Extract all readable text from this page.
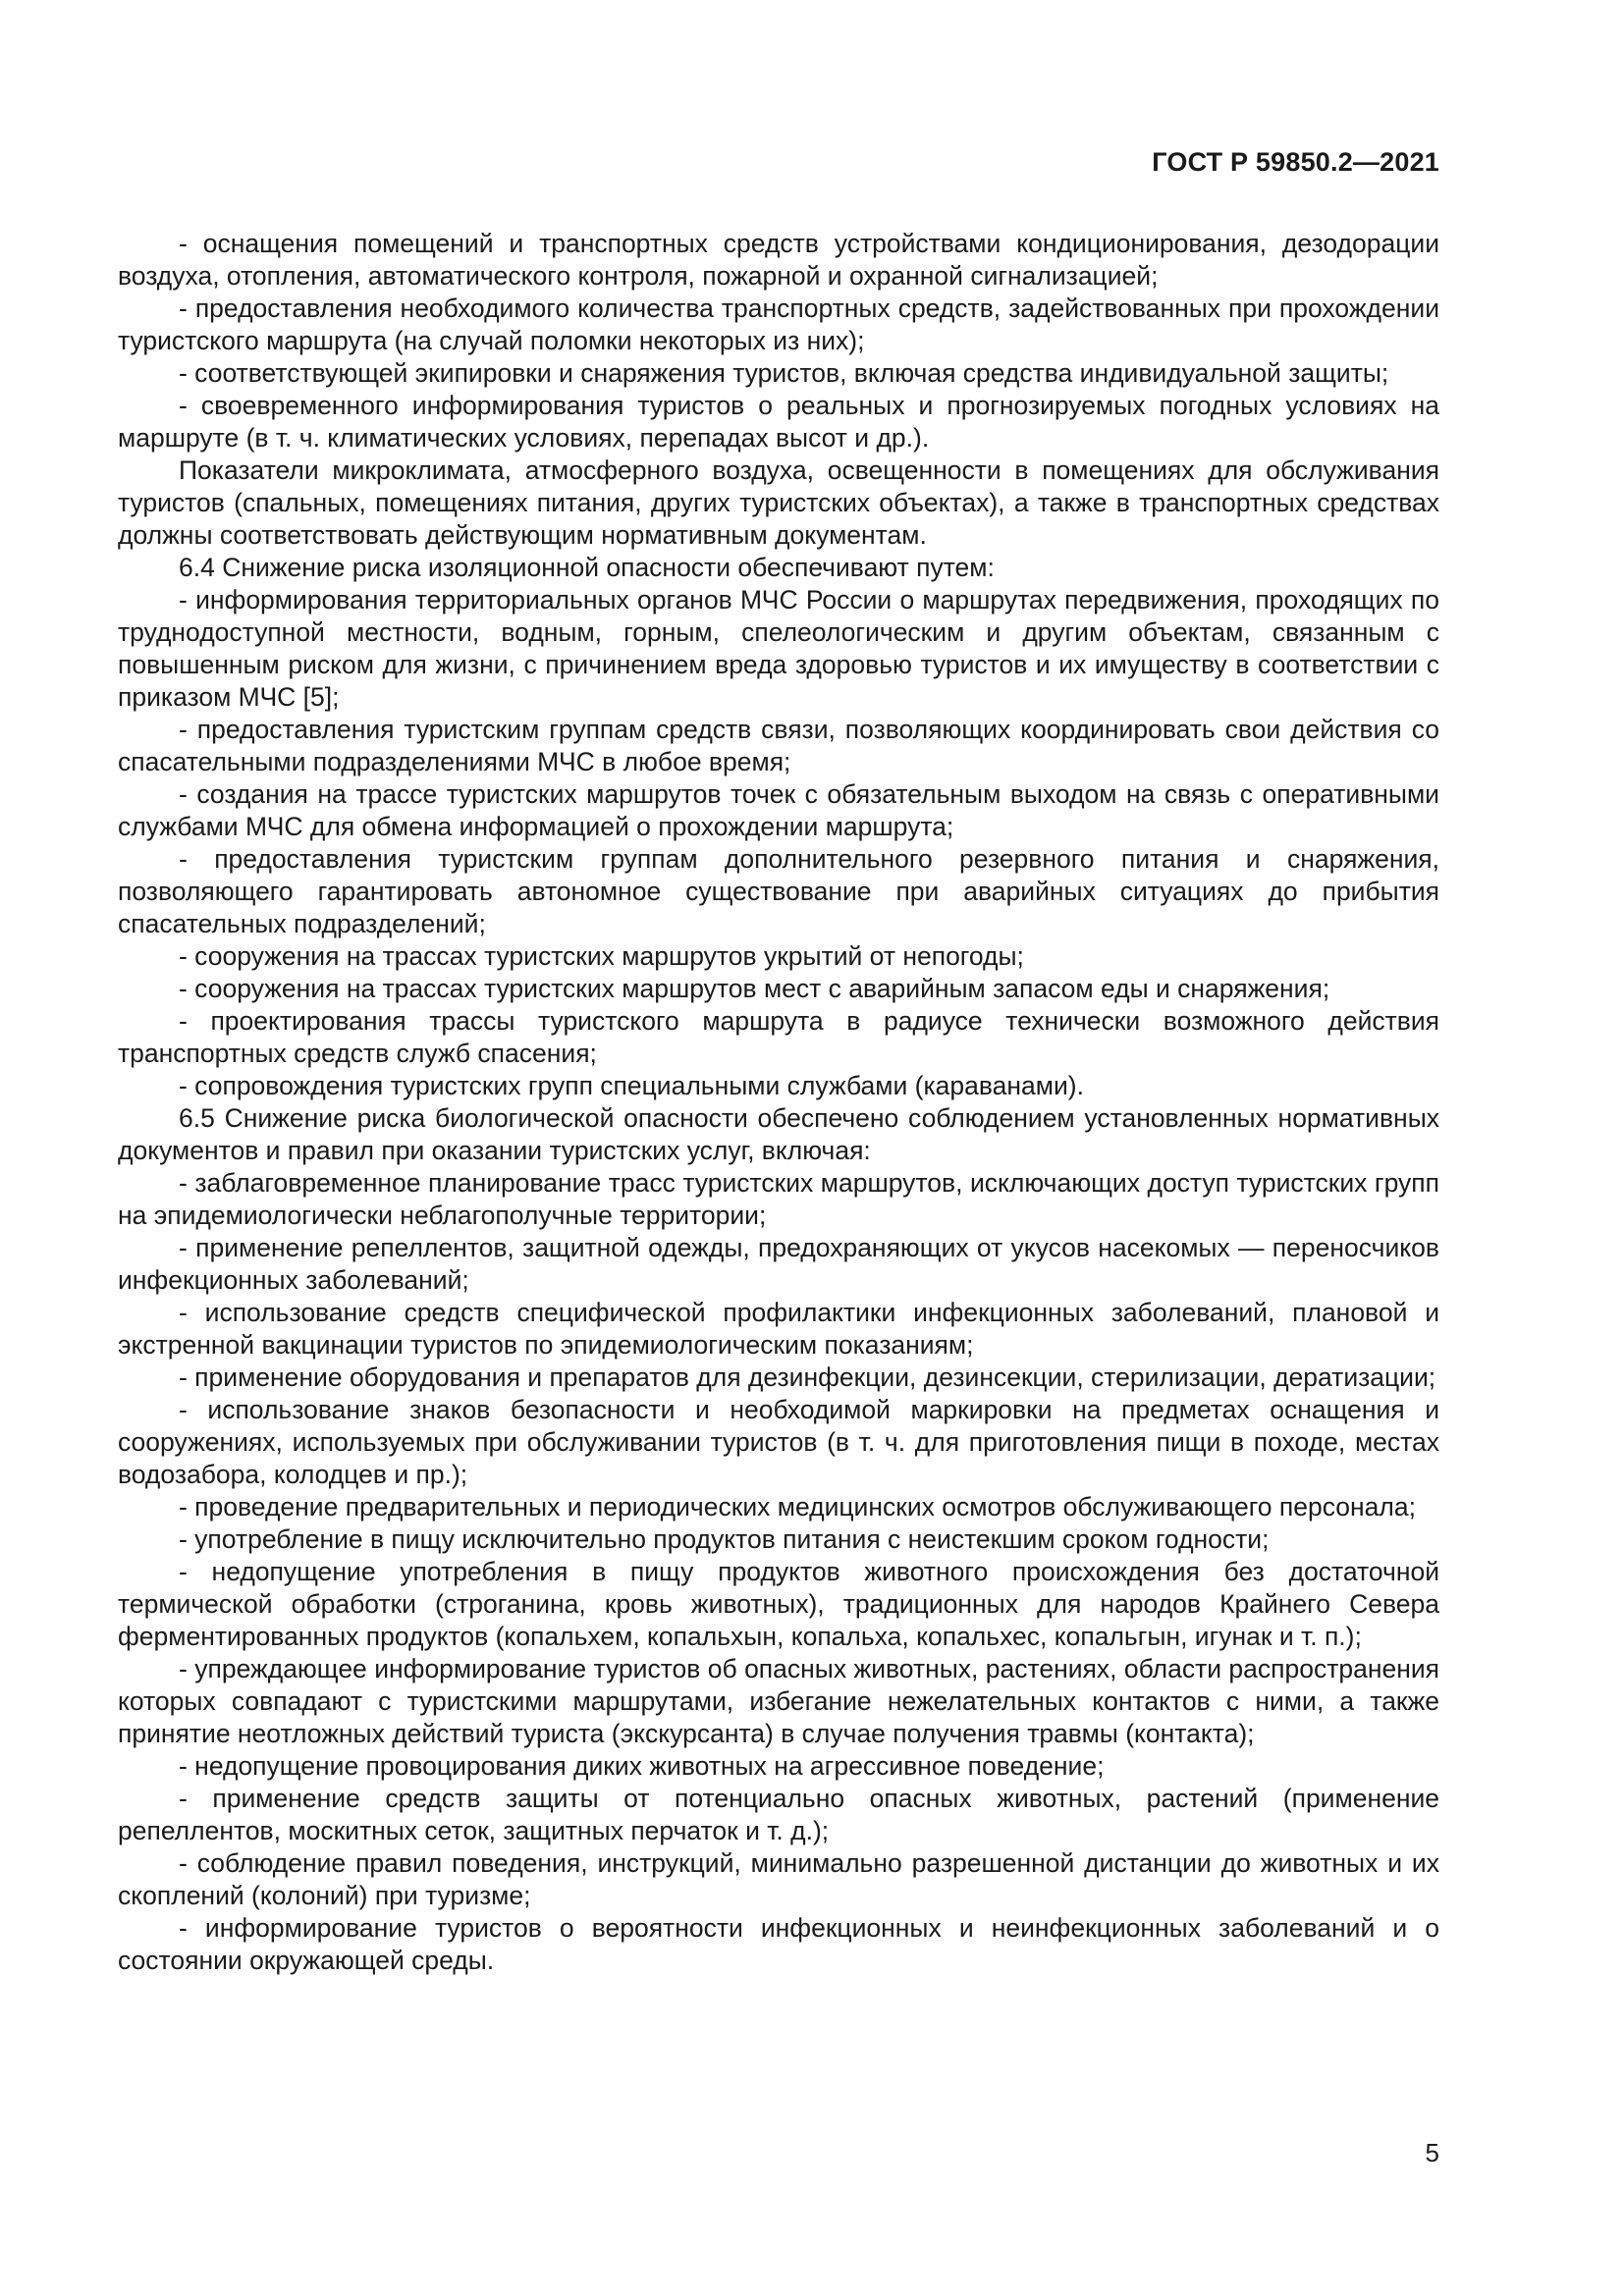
ГОСТ Р 59850.2—2021

- оснащения помещений и транспортных средств устройствами кондиционирования, дезодорации воздуха, отопления, автоматического контроля, пожарной и охранной сигнализацией;

- предоставления необходимого количества транспортных средств, задействованных при прохождении туристского маршрута (на случай поломки некоторых из них);

- соответствующей экипировки и снаряжения туристов, включая средства индивидуальной защиты;

- своевременного информирования туристов о реальных и прогнозируемых погодных условиях на маршруте (в т. ч. климатических условиях, перепадах высот и др.).

Показатели микроклимата, атмосферного воздуха, освещенности в помещениях для обслуживания туристов (спальных, помещениях питания, других туристских объектах), а также в транспортных средствах должны соответствовать действующим нормативным документам.

6.4 Снижение риска изоляционной опасности обеспечивают путем:

- информирования территориальных органов МЧС России о маршрутах передвижения, проходящих по труднодоступной местности, водным, горным, спелеологическим и другим объектам, связанным с повышенным риском для жизни, с причинением вреда здоровью туристов и их имуществу в соответствии с приказом МЧС [5];

- предоставления туристским группам средств связи, позволяющих координировать свои действия со спасательными подразделениями МЧС в любое время;

- создания на трассе туристских маршрутов точек с обязательным выходом на связь с оперативными службами МЧС для обмена информацией о прохождении маршрута;

- предоставления туристским группам дополнительного резервного питания и снаряжения, позволяющего гарантировать автономное существование при аварийных ситуациях до прибытия спасательных подразделений;

- сооружения на трассах туристских маршрутов укрытий от непогоды;

- сооружения на трассах туристских маршрутов мест с аварийным запасом еды и снаряжения;

- проектирования трассы туристского маршрута в радиусе технически возможного действия транспортных средств служб спасения;

- сопровождения туристских групп специальными службами (караванами).

6.5 Снижение риска биологической опасности обеспечено соблюдением установленных нормативных документов и правил при оказании туристских услуг, включая:

- заблаговременное планирование трасс туристских маршрутов, исключающих доступ туристских групп на эпидемиологически неблагополучные территории;

- применение репеллентов, защитной одежды, предохраняющих от укусов насекомых — переносчиков инфекционных заболеваний;

- использование средств специфической профилактики инфекционных заболеваний, плановой и экстренной вакцинации туристов по эпидемиологическим показаниям;

- применение оборудования и препаратов для дезинфекции, дезинсекции, стерилизации, дератизации;

- использование знаков безопасности и необходимой маркировки на предметах оснащения и сооружениях, используемых при обслуживании туристов (в т. ч. для приготовления пищи в походе, местах водозабора, колодцев и пр.);

- проведение предварительных и периодических медицинских осмотров обслуживающего персонала;

- употребление в пищу исключительно продуктов питания с неистекшим сроком годности;

- недопущение употребления в пищу продуктов животного происхождения без достаточной термической обработки (строганина, кровь животных), традиционных для народов Крайнего Севера ферментированных продуктов (копальхем, копальхын, копальха, копальхес, копальгын, игунак и т. п.);

- упреждающее информирование туристов об опасных животных, растениях, области распространения которых совпадают с туристскими маршрутами, избегание нежелательных контактов с ними, а также принятие неотложных действий туриста (экскурсанта) в случае получения травмы (контакта);

- недопущение провоцирования диких животных на агрессивное поведение;

- применение средств защиты от потенциально опасных животных, растений (применение репеллентов, москитных сеток, защитных перчаток и т. д.);

- соблюдение правил поведения, инструкций, минимально разрешенной дистанции до животных и их скоплений (колоний) при туризме;

- информирование туристов о вероятности инфекционных и неинфекционных заболеваний и о состоянии окружающей среды.

5
